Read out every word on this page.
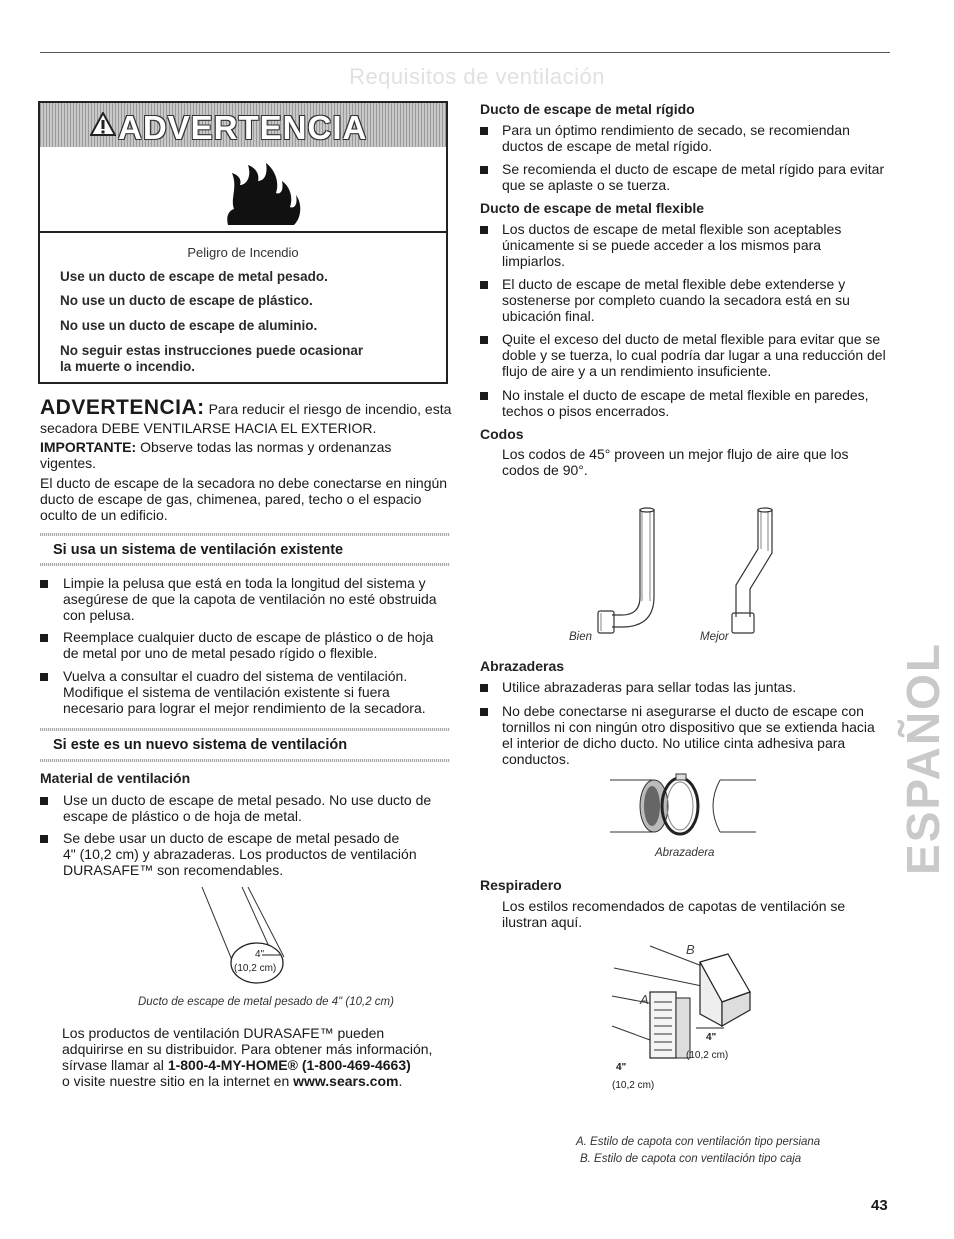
Requisitos de ventilación
ADVERTENCIA
Peligro de Incendio
Use un ducto de escape de metal pesado.
No use un ducto de escape de plástico.
No use un ducto de escape de aluminio.
No seguir estas instrucciones puede ocasionar
la muerte o incendio.
ADVERTENCIA: Para reducir el riesgo de incendio, esta
secadora DEBE VENTILARSE HACIA EL EXTERIOR.
IMPORTANTE: Observe todas las normas y ordenanzas
vigentes.
El ducto de escape de la secadora no debe conectarse en ningún
ducto de escape de gas, chimenea, pared, techo o el espacio
oculto de un edificio.
Si usa un sistema de ventilación existente
Limpie la pelusa que está en toda la longitud del sistema y
asegúrese de que la capota de ventilación no esté obstruida
con pelusa.
Reemplace cualquier ducto de escape de plástico o de hoja
de metal por uno de metal pesado rígido o flexible.
Vuelva a consultar el cuadro del sistema de ventilación.
Modifique el sistema de ventilación existente si fuera
necesario para lograr el mejor rendimiento de la secadora.
Si este es un nuevo sistema de ventilación
Material de ventilación
Use un ducto de escape de metal pesado. No use ducto de
escape de plástico o de hoja de metal.
Se debe usar un ducto de escape de metal pesado de
4" (10,2 cm) y abrazaderas. Los productos de ventilación
DURASAFE™ son recomendables.
4"
(10,2 cm)
Ducto de escape de metal pesado de 4" (10,2 cm)
Los productos de ventilación DURASAFE™ pueden
adquirirse en su distribuidor. Para obtener más información,
sírvase llamar al 1-800-4-MY-HOME® (1-800-469-4663)
o visite nuestre sitio en la internet en www.sears.com.
Ducto de escape de metal rígido
Para un óptimo rendimiento de secado, se recomiendan
ductos de escape de metal rígido.
Se recomienda el ducto de escape de metal rígido para evitar
que se aplaste o se tuerza.
Ducto de escape de metal flexible
Los ductos de escape de metal flexible son aceptables
únicamente si se puede acceder a los mismos para
limpiarlos.
El ducto de escape de metal flexible debe extenderse y
sostenerse por completo cuando la secadora está en su
ubicación final.
Quite el exceso del ducto de metal flexible para evitar que se
doble y se tuerza, lo cual podría dar lugar a una reducción del
flujo de aire y a un rendimiento insuficiente.
No instale el ducto de escape de metal flexible en paredes,
techos o pisos encerrados.
Codos
Los codos de 45° proveen un mejor flujo de aire que los
codos de 90°.
Bien	Mejor
Abrazaderas
Utilice abrazaderas para sellar todas las juntas.
No debe conectarse ni asegurarse el ducto de escape con
tornillos ni con ningún otro dispositivo que se extienda hacia
el interior de dicho ducto. No utilice cinta adhesiva para
conductos.
Abrazadera
Respiradero
Los estilos recomendados de capotas de ventilación se
ilustran aquí.
B
A
4"
(10,2 cm)
4"
(10,2 cm)
A. Estilo de capota con ventilación tipo persiana
B. Estilo de capota con ventilación tipo caja
ESPAÑOL
43
